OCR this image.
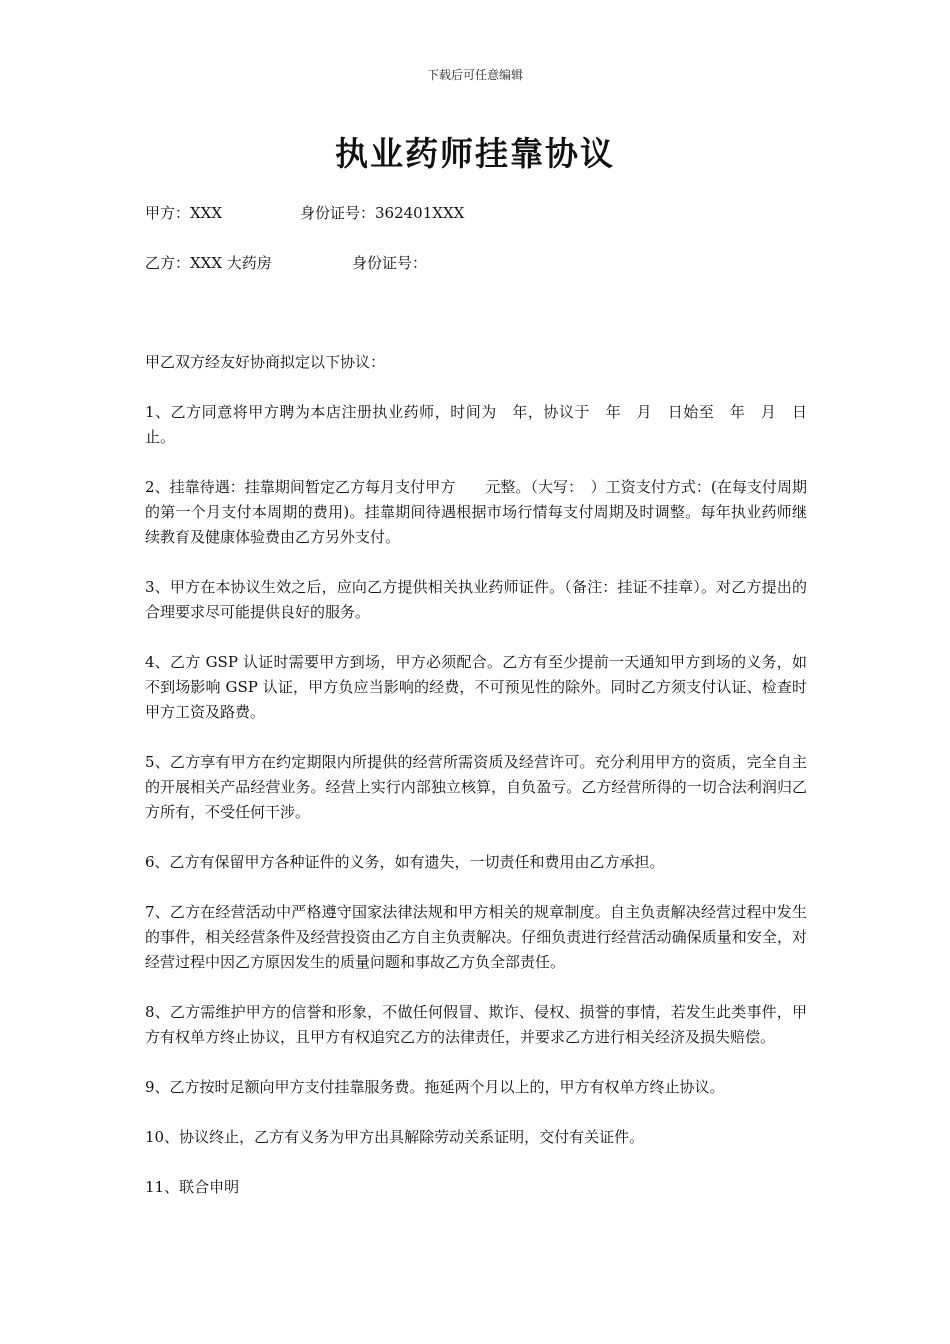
下载后可任意编辑
执业药师挂靠协议
甲方：XXX	身份证号：362401XXX
乙方：XXX 大药房	身份证号：

甲乙双方经友好协商拟定以下协议：

1、乙方同意将甲方聘为本店注册执业药师，时间为　年，协议于　年　月　日始至　年　月　日止。

2、挂靠待遇：挂靠期间暂定乙方每月支付甲方　　元整。（大写：　）工资支付方式：(在每支付周期的第一个月支付本周期的费用)。挂靠期间待遇根据市场行情每支付周期及时调整。每年执业药师继续教育及健康体验费由乙方另外支付。

3、甲方在本协议生效之后，应向乙方提供相关执业药师证件。（备注：挂证不挂章）。对乙方提出的合理要求尽可能提供良好的服务。

4、乙方 GSP 认证时需要甲方到场，甲方必须配合。乙方有至少提前一天通知甲方到场的义务，如不到场影响 GSP 认证，甲方负应当影响的经费，不可预见性的除外。同时乙方须支付认证、检查时甲方工资及路费。

5、乙方享有甲方在约定期限内所提供的经营所需资质及经营许可。充分利用甲方的资质，完全自主的开展相关产品经营业务。经营上实行内部独立核算，自负盈亏。乙方经营所得的一切合法利润归乙方所有，不受任何干涉。

6、乙方有保留甲方各种证件的义务，如有遗失，一切责任和费用由乙方承担。

7、乙方在经营活动中严格遵守国家法律法规和甲方相关的规章制度。自主负责解决经营过程中发生的事件，相关经营条件及经营投资由乙方自主负责解决。仔细负责进行经营活动确保质量和安全，对经营过程中因乙方原因发生的质量问题和事故乙方负全部责任。

8、乙方需维护甲方的信誉和形象，不做任何假冒、欺诈、侵权、损誉的事情，若发生此类事件，甲方有权单方终止协议，且甲方有权追究乙方的法律责任，并要求乙方进行相关经济及损失赔偿。

9、乙方按时足额向甲方支付挂靠服务费。拖延两个月以上的，甲方有权单方终止协议。

10、协议终止，乙方有义务为甲方出具解除劳动关系证明，交付有关证件。

11、联合申明
